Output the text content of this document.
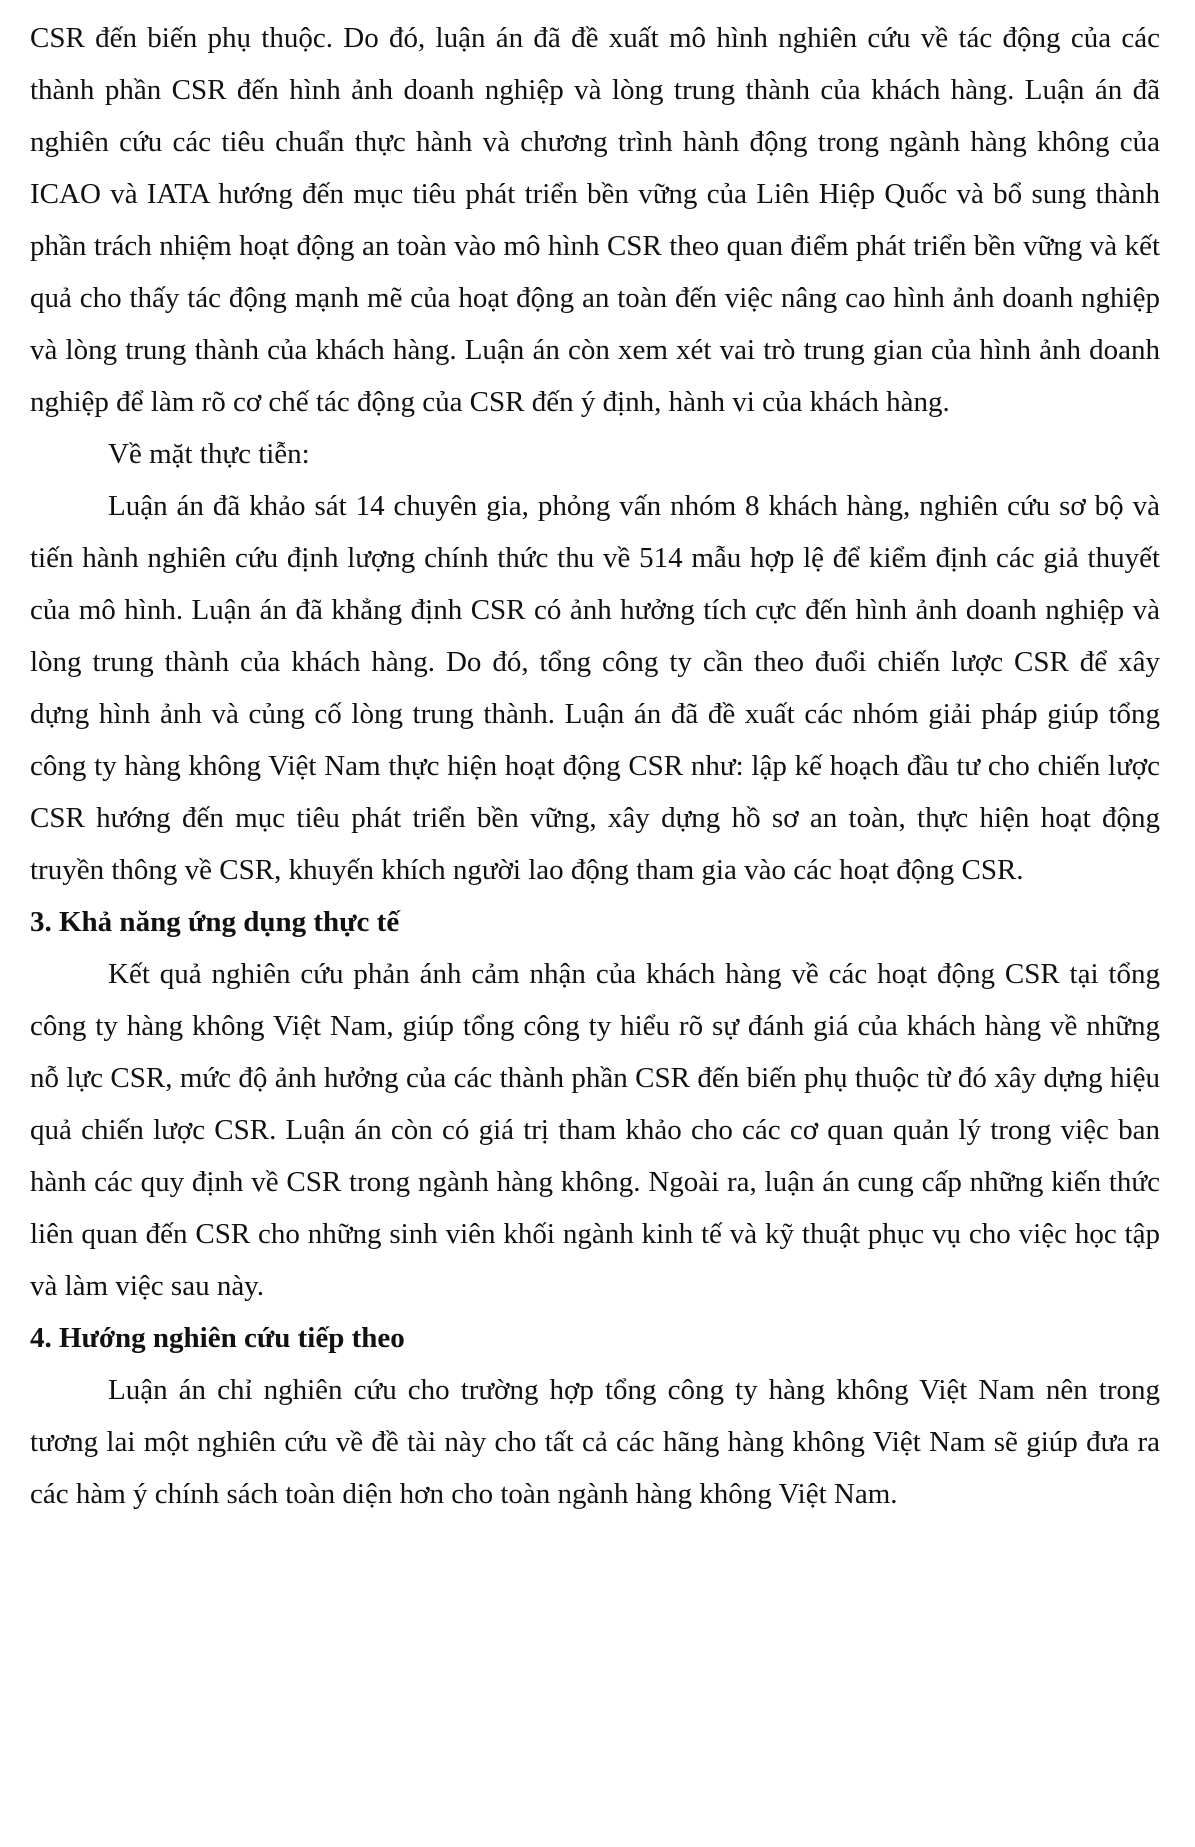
CSR đến biến phụ thuộc. Do đó, luận án đã đề xuất mô hình nghiên cứu về tác động của các thành phần CSR đến hình ảnh doanh nghiệp và lòng trung thành của khách hàng. Luận án đã nghiên cứu các tiêu chuẩn thực hành và chương trình hành động trong ngành hàng không của ICAO và IATA hướng đến mục tiêu phát triển bền vững của Liên Hiệp Quốc và bổ sung thành phần trách nhiệm hoạt động an toàn vào mô hình CSR theo quan điểm phát triển bền vững và kết quả cho thấy tác động mạnh mẽ của hoạt động an toàn đến việc nâng cao hình ảnh doanh nghiệp và lòng trung thành của khách hàng. Luận án còn xem xét vai trò trung gian của hình ảnh doanh nghiệp để làm rõ cơ chế tác động của CSR đến ý định, hành vi của khách hàng.

Về mặt thực tiễn:

Luận án đã khảo sát 14 chuyên gia, phỏng vấn nhóm 8 khách hàng, nghiên cứu sơ bộ và tiến hành nghiên cứu định lượng chính thức thu về 514 mẫu hợp lệ để kiểm định các giả thuyết của mô hình. Luận án đã khẳng định CSR có ảnh hưởng tích cực đến hình ảnh doanh nghiệp và lòng trung thành của khách hàng. Do đó, tổng công ty cần theo đuổi chiến lược CSR để xây dựng hình ảnh và củng cố lòng trung thành. Luận án đã đề xuất các nhóm giải pháp giúp tổng công ty hàng không Việt Nam thực hiện hoạt động CSR như: lập kế hoạch đầu tư cho chiến lược CSR hướng đến mục tiêu phát triển bền vững, xây dựng hồ sơ an toàn, thực hiện hoạt động truyền thông về CSR, khuyến khích người lao động tham gia vào các hoạt động CSR.

3. Khả năng ứng dụng thực tế

Kết quả nghiên cứu phản ánh cảm nhận của khách hàng về các hoạt động CSR tại tổng công ty hàng không Việt Nam, giúp tổng công ty hiểu rõ sự đánh giá của khách hàng về những nỗ lực CSR, mức độ ảnh hưởng của các thành phần CSR đến biến phụ thuộc từ đó xây dựng hiệu quả chiến lược CSR. Luận án còn có giá trị tham khảo cho các cơ quan quản lý trong việc ban hành các quy định về CSR trong ngành hàng không. Ngoài ra, luận án cung cấp những kiến thức liên quan đến CSR cho những sinh viên khối ngành kinh tế và kỹ thuật phục vụ cho việc học tập và làm việc sau này.

4. Hướng nghiên cứu tiếp theo

Luận án chỉ nghiên cứu cho trường hợp tổng công ty hàng không Việt Nam nên trong tương lai một nghiên cứu về đề tài này cho tất cả các hãng hàng không Việt Nam sẽ giúp đưa ra các hàm ý chính sách toàn diện hơn cho toàn ngành hàng không Việt Nam.
